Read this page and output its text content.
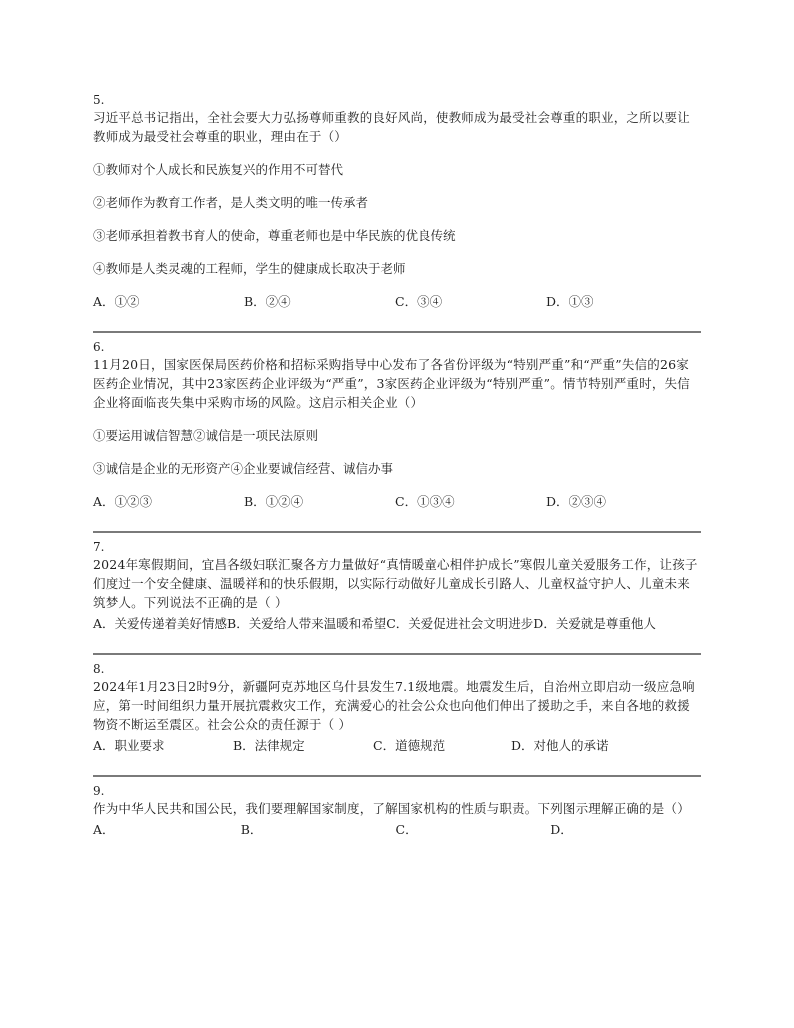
5.
习近平总书记指出，全社会要大力弘扬尊师重教的良好风尚，使教师成为最受社会尊重的职业，之所以要让教师成为最受社会尊重的职业，理由在于（）
①教师对个人成长和民族复兴的作用不可替代
②老师作为教育工作者，是人类文明的唯一传承者
③老师承担着教书育人的使命，尊重老师也是中华民族的优良传统
④教师是人类灵魂的工程师，学生的健康成长取决于老师
A．①②	B．②④	C．③④	D．①③
6.
11月20日，国家医保局医药价格和招标采购指导中心发布了各省份评级为“特别严重”和“严重”失信的26家医药企业情况，其中23家医药企业评级为“严重”，3家医药企业评级为“特别严重”。情节特别严重时，失信企业将面临丧失集中采购市场的风险。这启示相关企业（）
①要运用诚信智慧②诚信是一项民法原则
③诚信是企业的无形资产④企业要诚信经营、诚信办事
A．①②③	B．①②④	C．①③④	D．②③④
7.
2024年寒假期间，宜昌各级妇联汇聚各方力量做好“真情暖童心相伴护成长”寒假儿童关爱服务工作，让孩子们度过一个安全健康、温暖祥和的快乐假期，以实际行动做好儿童成长引路人、儿童权益守护人、儿童未来筑梦人。下列说法不正确的是（ ）
A．关爱传递着美好情感 B．关爱给人带来温暖和希望 C．关爱促进社会文明进步 D．关爱就是尊重他人
8.
2024年1月23日2时9分，新疆阿克苏地区乌什县发生7.1级地震。地震发生后，自治州立即启动一级应急响应，第一时间组织力量开展抗震救灾工作，充满爱心的社会公众也向他们伸出了援助之手，来自各地的救援物资不断运至震区。社会公众的责任源于（ ）
A．职业要求	B．法律规定	C．道德规范	D．对他人的承诺
9.
作为中华人民共和国公民，我们要理解国家制度，了解国家机构的性质与职责。下列图示理解正确的是（）
A．	B．	C．	D．
